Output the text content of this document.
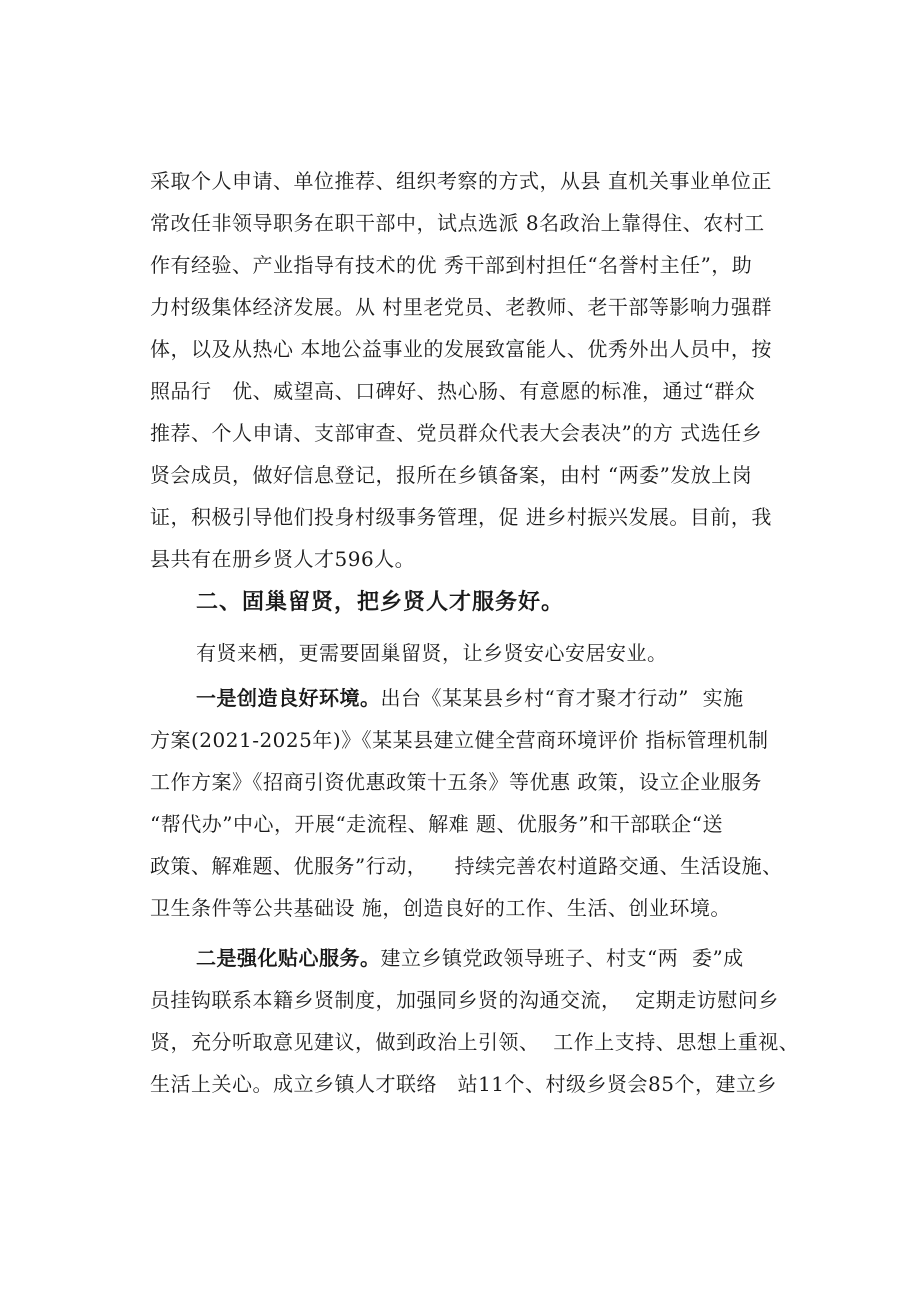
采取个人申请、单位推荐、组织考察的方式，从县 直机关事业单位正
常改任非领导职务在职干部中，试点选派 8名政治上靠得住、农村工
作有经验、产业指导有技术的优 秀干部到村担任“名誉村主任”，助
力村级集体经济发展。从 村里老党员、老教师、老干部等影响力强群
体，以及从热心 本地公益事业的发展致富能人、优秀外出人员中，按
照品行   优、威望高、口碑好、热心肠、有意愿的标准，通过“群众
推荐、个人申请、支部审查、党员群众代表大会表决”的方 式选任乡
贤会成员，做好信息登记，报所在乡镇备案，由村 “两委”发放上岗
证，积极引导他们投身村级事务管理，促 进乡村振兴发展。目前，我
县共有在册乡贤人才596人。
二、固巢留贤，把乡贤人才服务好。
有贤来栖，更需要固巢留贤，让乡贤安心安居安业。
一是创造良好环境。出台《某某县乡村“育才聚才行动”  实施
方案(2021-2025年)》《某某县建立健全营商环境评价 指标管理机制
工作方案》《招商引资优惠政策十五条》等优惠 政策，设立企业服务
“帮代办”中心，开展“走流程、解难 题、优服务”和干部联企“送
政策、解难题、优服务”行动，    持续完善农村道路交通、生活设施、
卫生条件等公共基础设 施，创造良好的工作、生活、创业环境。
二是强化贴心服务。建立乡镇党政领导班子、村支“两  委”成
员挂钩联系本籍乡贤制度，加强同乡贤的沟通交流，  定期走访慰问乡
贤，充分听取意见建议，做到政治上引领、  工作上支持、思想上重视、
生活上关心。成立乡镇人才联络   站11个、村级乡贤会85个，建立乡
